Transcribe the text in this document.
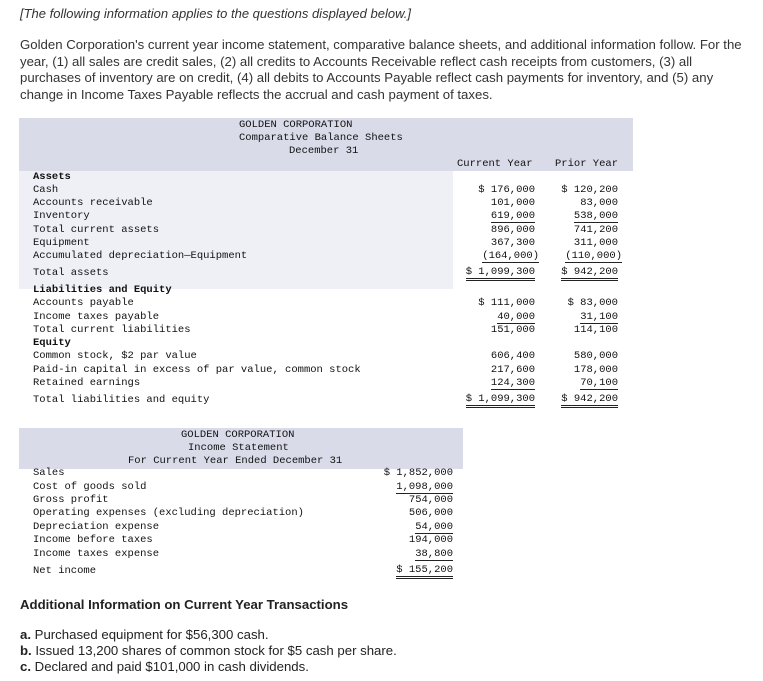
[The following information applies to the questions displayed below.]
Golden Corporation's current year income statement, comparative balance sheets, and additional information follow. For the year, (1) all sales are credit sales, (2) all credits to Accounts Receivable reflect cash receipts from customers, (3) all purchases of inventory are on credit, (4) all debits to Accounts Payable reflect cash payments for inventory, and (5) any change in Income Taxes Payable reflects the accrual and cash payment of taxes.
GOLDEN CORPORATION
Comparative Balance Sheets
December 31
Current Year Prior Year
Assets
Cash
Accounts receivable
Inventory
Total current assets
Equipment
Accumulated depreciation—Equipment
Total assets
$ 176,000
101,000
619,000
896,000
367,300
(164,000)
$ 1,099,300
$ 120,200
83,000
538,000
741,200
311,000
(110,000)
$ 942,200
Liabilities and Equity
Accounts payable
Income taxes payable
Total current liabilities
$ 111,000
40,000
151,000
$ 83,000
31,100
114,100
Equity
Common stock, $2 par value
Paid-in capital in excess of par value, common stock
Retained earnings
Total liabilities and equity
606,400
217,600
124,300
$ 1,099,300
580,000
178,000
70,100
$ 942,200
GOLDEN CORPORATION
Income Statement
For Current Year Ended December 31
Sales
Cost of goods sold
Gross profit
Operating expenses (excluding depreciation)
Depreciation expense
Income before taxes
Income taxes expense
Net income
$ 1,852,000
1,098,000
754,000
506,000
54,000
194,000
38,800
$ 155,200
Additional Information on Current Year Transactions
a. Purchased equipment for $56,300 cash.
b. Issued 13,200 shares of common stock for $5 cash per share.
c. Declared and paid $101,000 in cash dividends.
